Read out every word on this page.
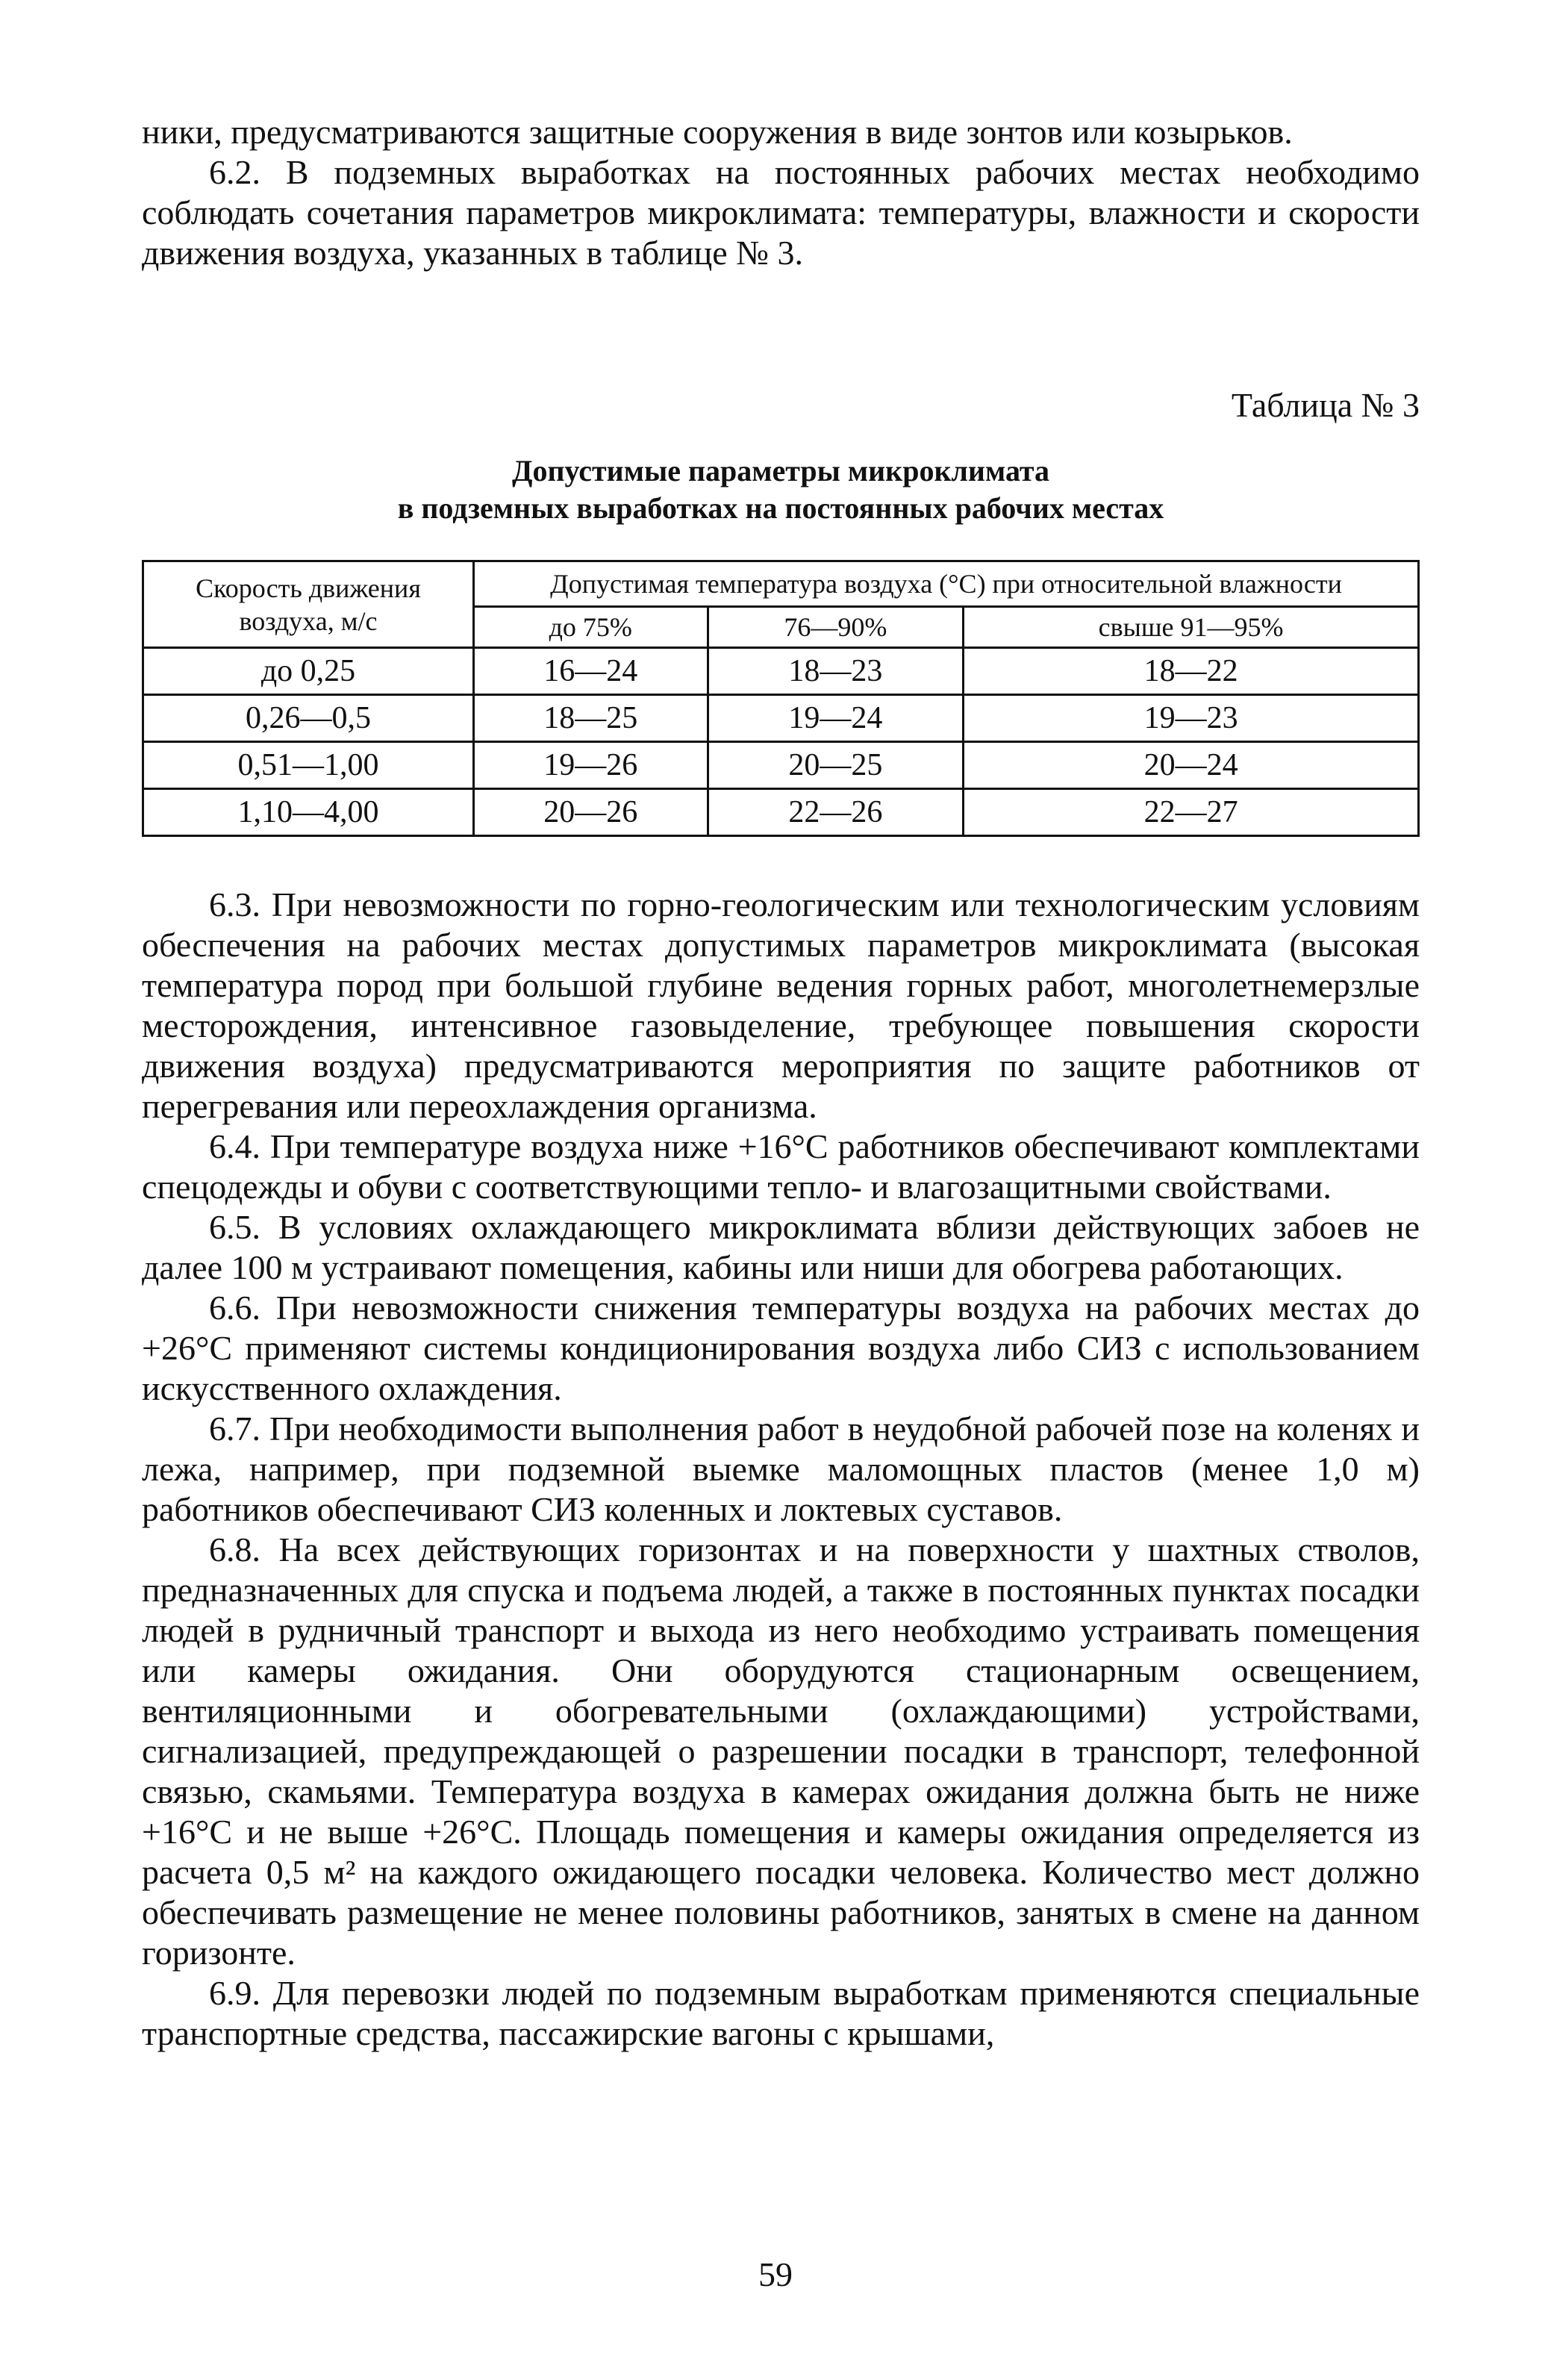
ники, предусматриваются защитные сооружения в виде зонтов или козырьков.

6.2. В подземных выработках на постоянных рабочих местах необходимо соблюдать сочетания параметров микроклимата: температуры, влажности и скорости движения воздуха, указанных в таблице № 3.

Таблица № 3

Допустимые параметры микроклимата
в подземных выработках на постоянных рабочих местах
Скорость движения воздуха, м/с	Допустимая температура воздуха (°С) при относительной влажности		
	до 75%	76—90%	свыше 91—95%
до 0,25	16—24	18—23	18—22
0,26—0,5	18—25	19—24	19—23
0,51—1,00	19—26	20—25	20—24
1,10—4,00	20—26	22—26	22—27

6.3. При невозможности по горно-геологическим или технологическим условиям обеспечения на рабочих местах допустимых параметров микроклимата (высокая температура пород при большой глубине ведения горных работ, многолетнемерзлые месторождения, интенсивное газовыделение, требующее повышения скорости движения воздуха) предусматриваются мероприятия по защите работников от перегревания или переохлаждения организма.

6.4. При температуре воздуха ниже +16°С работников обеспечивают комплектами спецодежды и обуви с соответствующими тепло- и влагозащитными свойствами.

6.5. В условиях охлаждающего микроклимата вблизи действующих забоев не далее 100 м устраивают помещения, кабины или ниши для обогрева работающих.

6.6. При невозможности снижения температуры воздуха на рабочих местах до +26°С применяют системы кондиционирования воздуха либо СИЗ с использованием искусственного охлаждения.

6.7. При необходимости выполнения работ в неудобной рабочей позе на коленях и лежа, например, при подземной выемке маломощных пластов (менее 1,0 м) работников обеспечивают СИЗ коленных и локтевых суставов.

6.8. На всех действующих горизонтах и на поверхности у шахтных стволов, предназначенных для спуска и подъема людей, а также в постоянных пунктах посадки людей в рудничный транспорт и выхода из него необходимо устраивать помещения или камеры ожидания. Они оборудуются стационарным освещением, вентиляционными и обогревательными (охлаждающими) устройствами, сигнализацией, предупреждающей о разрешении посадки в транспорт, телефонной связью, скамьями. Температура воздуха в камерах ожидания должна быть не ниже +16°С и не выше +26°С. Площадь помещения и камеры ожидания определяется из расчета 0,5 м² на каждого ожидающего посадки человека. Количество мест должно обеспечивать размещение не менее половины работников, занятых в смене на данном горизонте.

6.9. Для перевозки людей по подземным выработкам применяются специальные транспортные средства, пассажирские вагоны с крышами,

59
